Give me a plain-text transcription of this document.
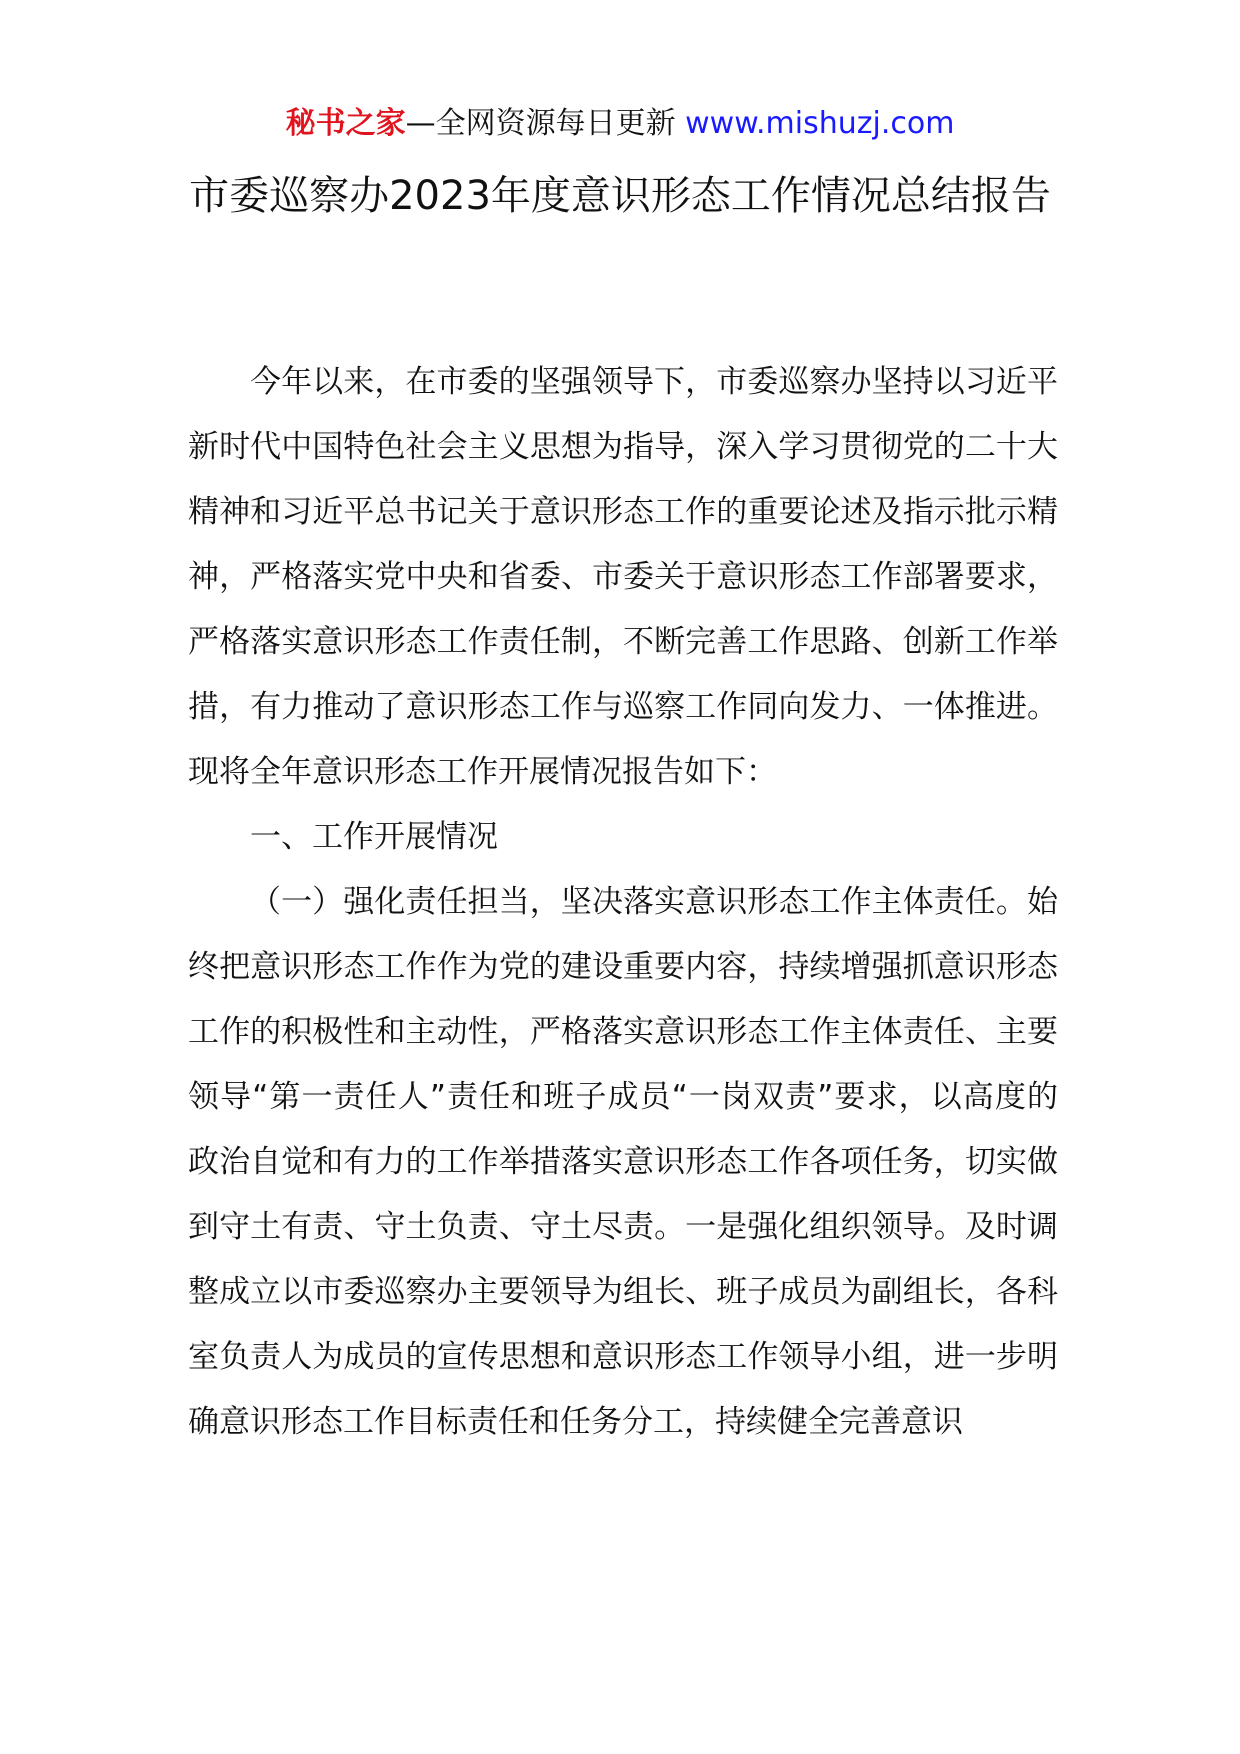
秘书之家—全网资源每日更新 www.mishuzj.com
市委巡察办2023年度意识形态工作情况总结报告

今年以来，在市委的坚强领导下，市委巡察办坚持以习近平新时代中国特色社会主义思想为指导，深入学习贯彻党的二十大精神和习近平总书记关于意识形态工作的重要论述及指示批示精神，严格落实党中央和省委、市委关于意识形态工作部署要求，严格落实意识形态工作责任制，不断完善工作思路、创新工作举措，有力推动了意识形态工作与巡察工作同向发力、一体推进。现将全年意识形态工作开展情况报告如下：

一、工作开展情况

（一）强化责任担当，坚决落实意识形态工作主体责任。始终把意识形态工作作为党的建设重要内容，持续增强抓意识形态工作的积极性和主动性，严格落实意识形态工作主体责任、主要领导“第一责任人”责任和班子成员“一岗双责”要求，以高度的政治自觉和有力的工作举措落实意识形态工作各项任务，切实做到守土有责、守土负责、守土尽责。一是强化组织领导。及时调整成立以市委巡察办主要领导为组长、班子成员为副组长，各科室负责人为成员的宣传思想和意识形态工作领导小组，进一步明确意识形态工作目标责任和任务分工，持续健全完善意识
